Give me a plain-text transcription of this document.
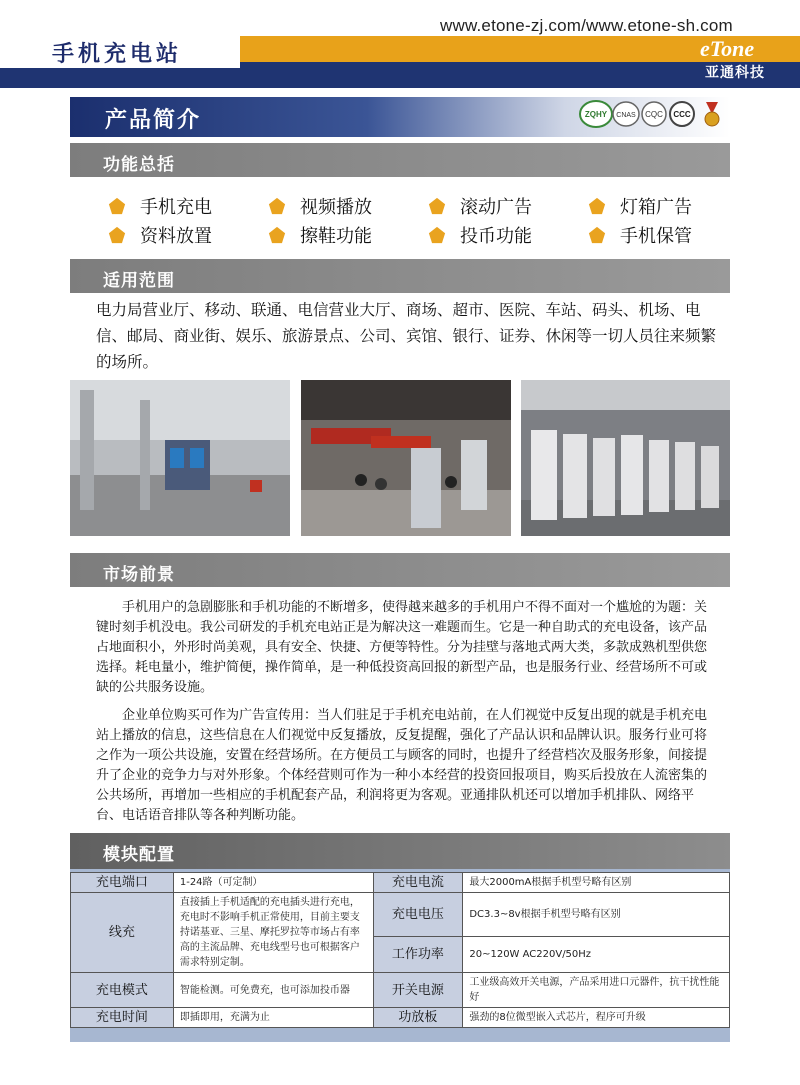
www.etone-zj.com/www.etone-sh.com
手机充电站	eTone
亚通科技
产品简介	ZQHY CNAS CQC CCC
功能总括
手机充电	视频播放	滚动广告	灯箱广告
资料放置	擦鞋功能	投币功能	手机保管
适用范围
电力局营业厅、移动、联通、电信营业大厅、商场、超市、医院、车站、码头、机场、电信、邮局、商业街、娱乐、旅游景点、公司、宾馆、银行、证券、休闲等一切人员往来频繁的场所。
市场前景
手机用户的急剧膨胀和手机功能的不断增多，使得越来越多的手机用户不得不面对一个尴尬的为题：关键时刻手机没电。我公司研发的手机充电站正是为解决这一难题而生。它是一种自助式的充电设备，该产品占地面积小，外形时尚美观，具有安全、快捷、方便等特性。分为挂壁与落地式两大类，多款成熟机型供您选择。耗电量小，维护简便，操作简单，是一种低投资高回报的新型产品，也是服务行业、经营场所不可或缺的公共服务设施。
企业单位购买可作为广告宣传用：当人们驻足于手机充电站前，在人们视觉中反复出现的就是手机充电站上播放的信息，这些信息在人们视觉中反复播放，反复提醒，强化了产品认识和品牌认识。服务行业可将之作为一项公共设施，安置在经营场所。在方便员工与顾客的同时，也提升了经营档次及服务形象，间接提升了企业的竞争力与对外形象。个体经营则可作为一种小本经营的投资回报项目，购买后投放在人流密集的公共场所，再增加一些相应的手机配套产品，利润将更为客观。亚通排队机还可以增加手机排队、网络平台、电话语音排队等各种判断功能。
模块配置
充电端口	1-24路（可定制）	充电电流	最大2000mA根据手机型号略有区别
线充	直接插上手机适配的充电插头进行充电，充电时不影响手机正常使用，目前主要支持诺基亚、三星、摩托罗拉等市场占有率高的主流品牌、充电线型号也可根据客户需求特别定制。	充电电压	DC3.3~8v根据手机型号略有区别
		工作功率	20~120W AC220V/50Hz
充电模式	智能检测。可免费充，也可添加投币器	开关电源	工业级高效开关电源，产品采用进口元器件，抗干扰性能好
充电时间	即插即用，充满为止	功放板	强劲的8位微型嵌入式芯片，程序可升级
